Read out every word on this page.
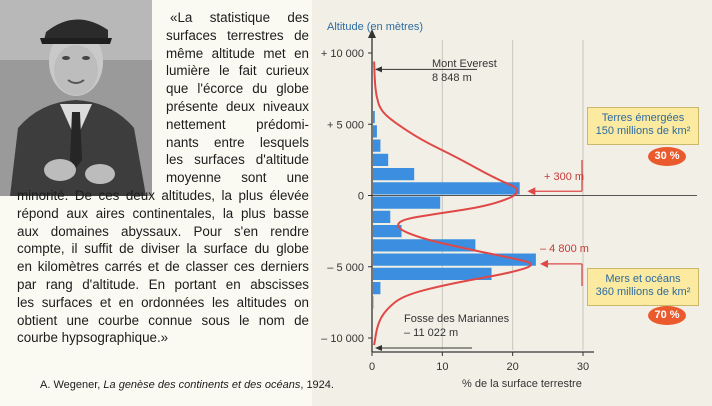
«La statistique des
surfaces terrestres de
même altitude met en
lumière le fait curieux
que l'écorce du globe
présente deux niveaux
nettement prédomi-
nants entre lesquels
les surfaces d'altitude
moyenne sont une
minorité. De ces deux altitudes, la plus élevée
répond aux aires continentales, la plus basse
aux domaines abyssaux. Pour s'en rendre
compte, il suffit de diviser la surface du globe
en kilomètres carrés et de classer ces derniers
par rang d'altitude. En portant en abscisses
les surfaces et en ordonnées les altitudes on
obtient une courbe connue sous le nom de
courbe hypsographique.»
A. Wegener, La genèse des continents et des océans, 1924.
+ 10 000
+ 5 000
0
– 5 000
– 10 000
0	10	20	30
Altitude (en mètres)
% de la surface terrestre
Mont Everest
8 848 m
Fosse des Mariannes
– 11 022 m
+ 300 m
– 4 800 m
Terres émergées
150 millions de km²
30 %
Mers et océans
360 millions de km²
70 %
